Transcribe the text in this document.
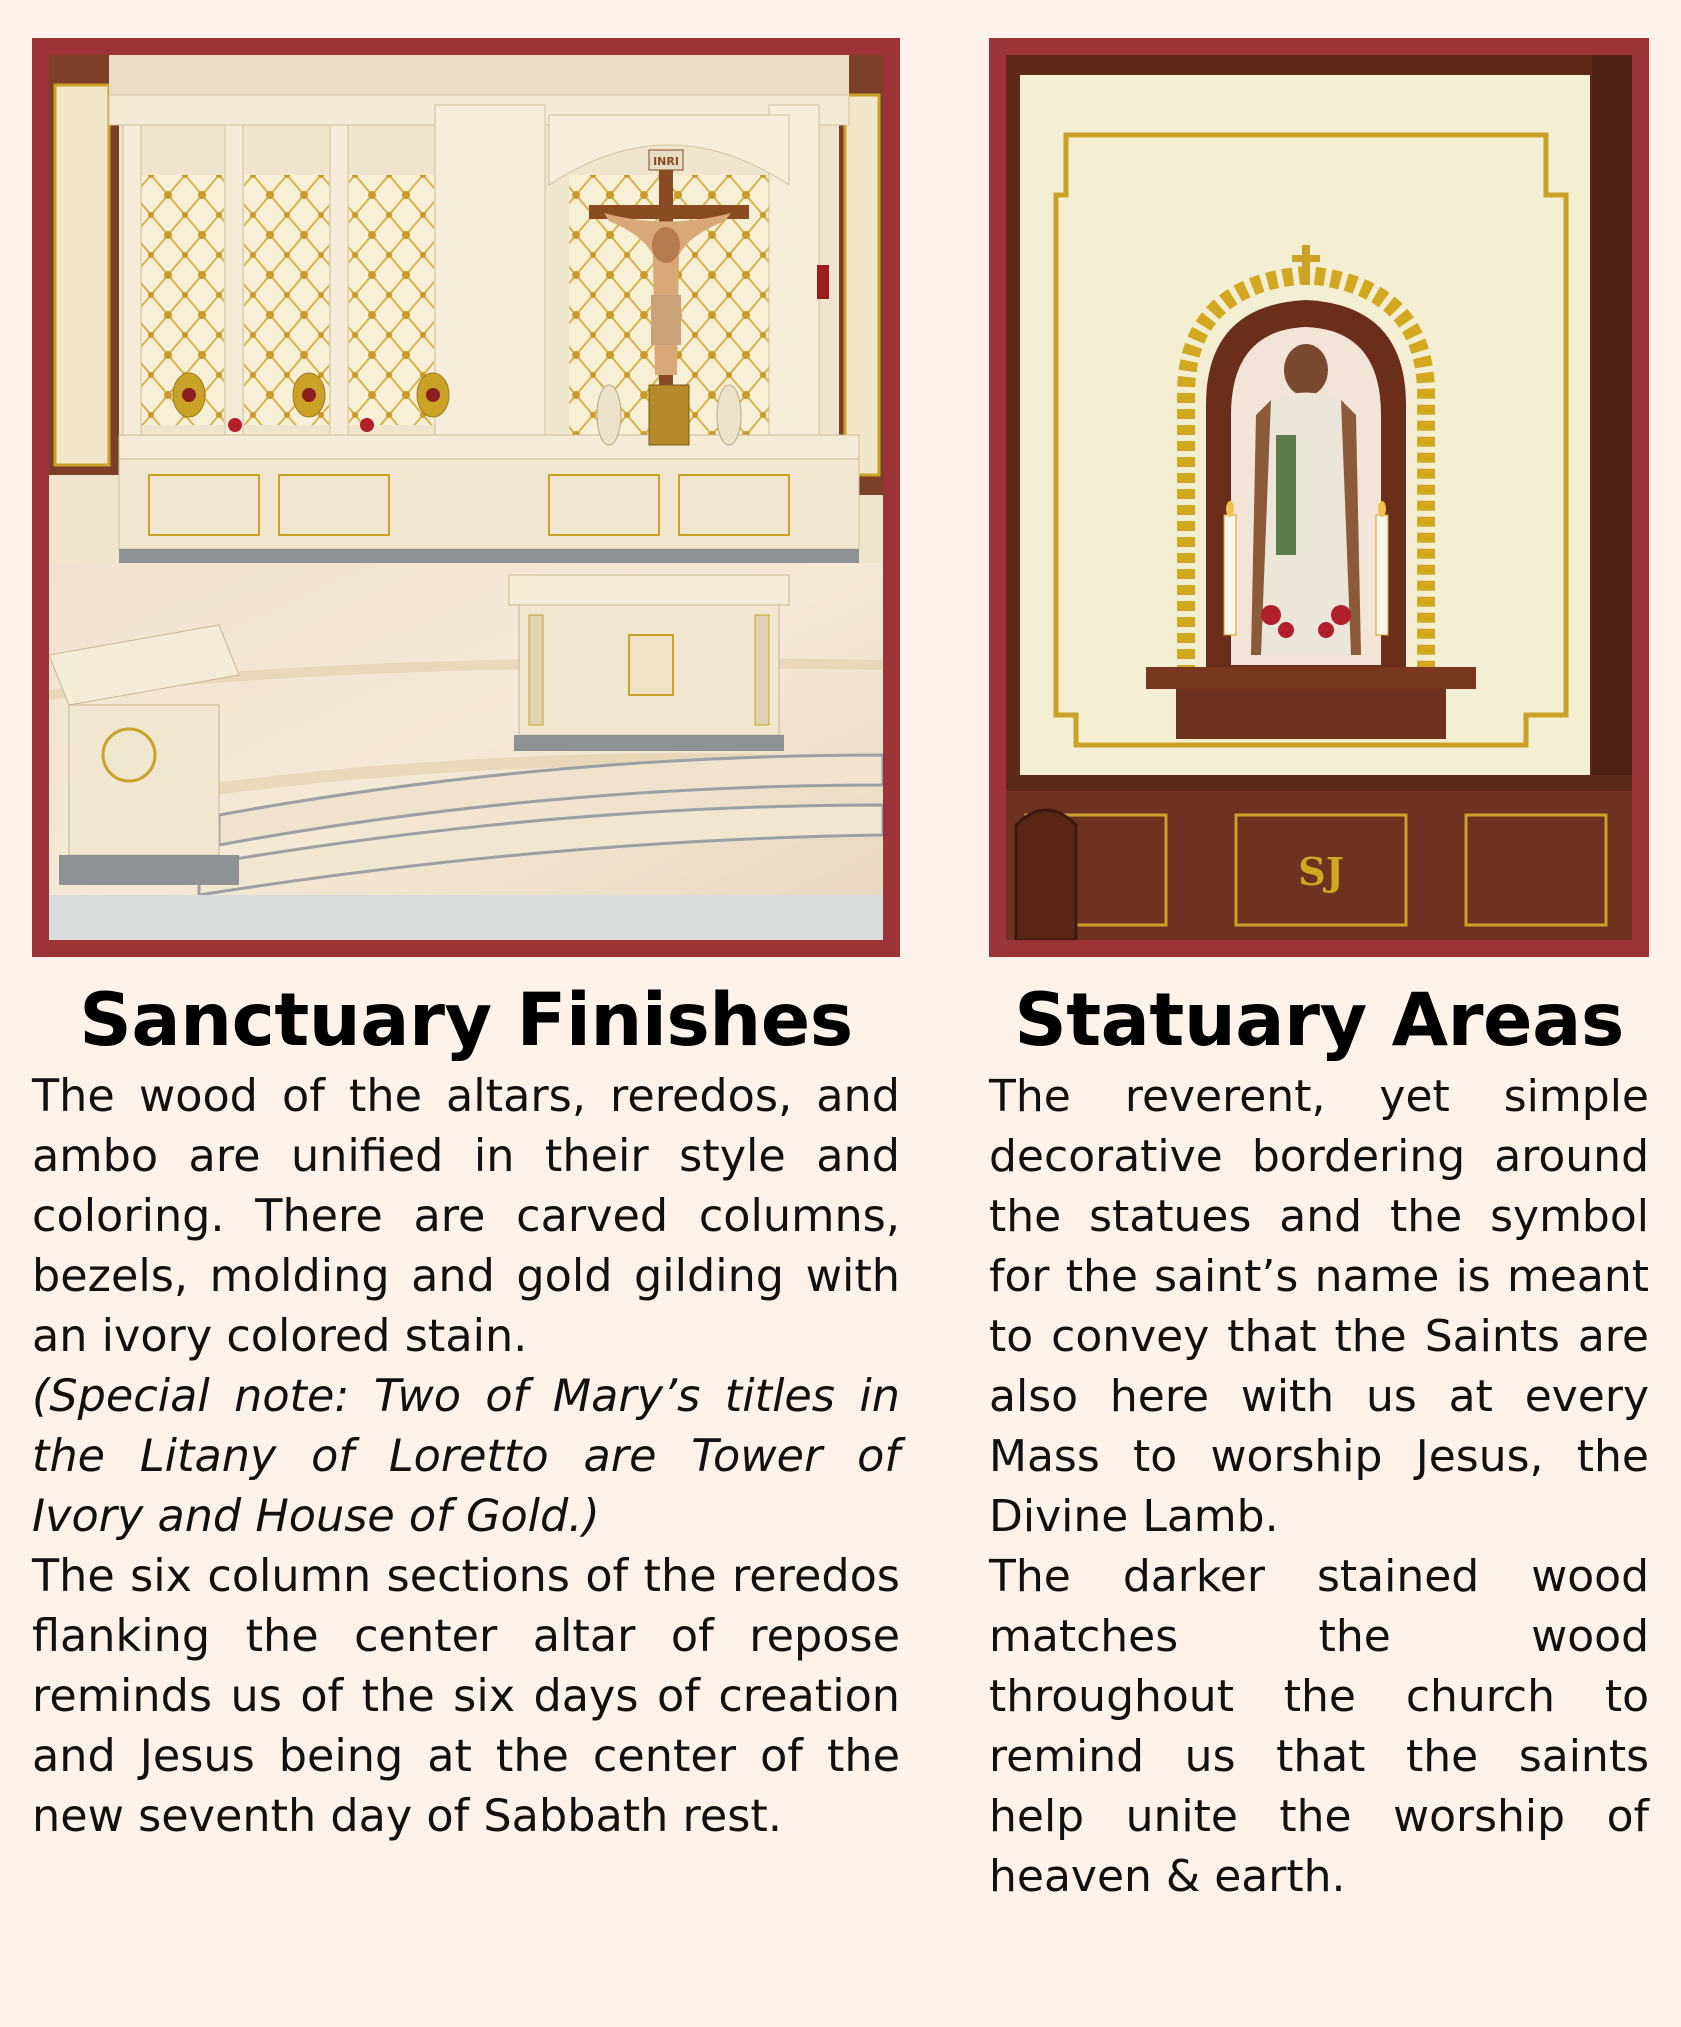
INRI
Sanctuary Finishes

The wood of the altars, reredos, and ambo are unified in their style and coloring. There are carved columns, bezels, molding and gold gilding with an ivory colored stain.

(Special note: Two of Mary’s titles in the Litany of Loretto are Tower of Ivory and House of Gold.)

The six column sections of the reredos flanking the center altar of repose reminds us of the six days of creation and Jesus being at the center of the new seventh day of Sabbath rest.

SJ
Statuary Areas

The reverent, yet simple decorative bordering around the statues and the symbol for the saint’s name is meant to convey that the Saints are also here with us at every Mass to worship Jesus, the Divine Lamb.

The darker stained wood matches the wood throughout the church to remind us that the saints help unite the worship of heaven & earth.
